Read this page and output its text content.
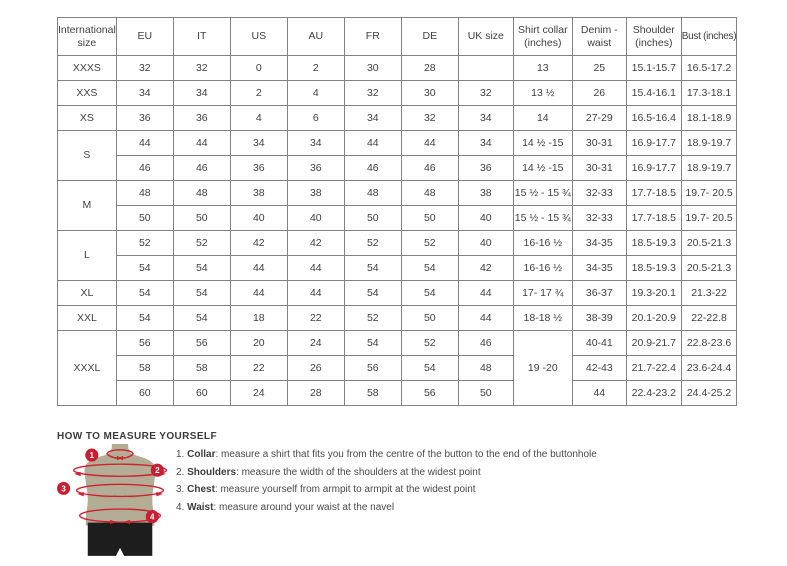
International size	EU	IT	US	AU	FR	DE	UK size	Shirt collar (inches)	Denim - waist	Shoulder (inches)	Bust (inches)
XXXS	32	32	0	2	30	28		13	25	15.1-15.7	16.5-17.2
XXS	34	34	2	4	32	30	32	13 ½	26	15.4-16.1	17.3-18.1
XS	36	36	4	6	34	32	34	14	27-29	16.5-16.4	18.1-18.9
S	44	44	34	34	44	44	34	14 ½ -15	30-31	16.9-17.7	18.9-19.7
	46	46	36	36	46	46	36	14 ½ -15	30-31	16.9-17.7	18.9-19.7
M	48	48	38	38	48	48	38	15 ½ - 15 ¾	32-33	17.7-18.5	19.7- 20.5
	50	50	40	40	50	50	40	15 ½ - 15 ¾	32-33	17.7-18.5	19.7- 20.5
L	52	52	42	42	52	52	40	16-16 ½	34-35	18.5-19.3	20.5-21.3
	54	54	44	44	54	54	42	16-16 ½	34-35	18.5-19.3	20.5-21.3
XL	54	54	44	44	54	54	44	17- 17 ¾	36-37	19.3-20.1	21.3-22
XXL	54	54	18	22	52	50	44	18-18 ½	38-39	20.1-20.9	22-22.8
XXXL	56	56	20	24	54	52	46	19 -20	40-41	20.9-21.7	22.8-23.6
	58	58	22	26	56	54	48		42-43	21.7-22.4	23.6-24.4
	60	60	24	28	58	56	50		44	22.4-23.2	24.4-25.2
HOW TO MEASURE YOURSELF
1
2
3
4
1. Collar: measure a shirt that fits you from the centre of the button to the end of the buttonhole
2. Shoulders: measure the width of the shoulders at the widest point
3. Chest: measure yourself from armpit to armpit at the widest point
4. Waist: measure around your waist at the navel
